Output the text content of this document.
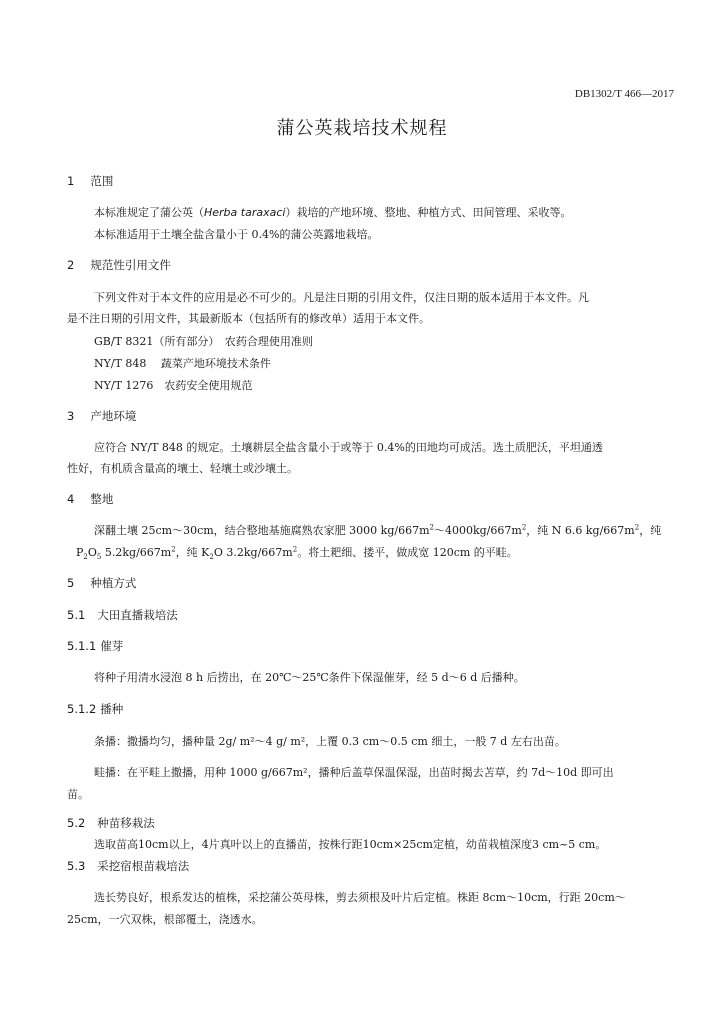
DB1302/T 466—2017
蒲公英栽培技术规程
1 范围
本标准规定了蒲公英（Herba taraxaci）栽培的产地环境、整地、种植方式、田间管理、采收等。
本标准适用于土壤全盐含量小于 0.4%的蒲公英露地栽培。
2 规范性引用文件
下列文件对于本文件的应用是必不可少的。凡是注日期的引用文件，仅注日期的版本适用于本文件。凡
是不注日期的引用文件，其最新版本（包括所有的修改单）适用于本文件。
GB/T 8321（所有部分）　农药合理使用准则
NY/T 848　 蔬菜产地环境技术条件
NY/T 1276　农药安全使用规范
3 产地环境
应符合 NY/T 848 的规定。土壤耕层全盐含量小于或等于 0.4%的田地均可成活。选土质肥沃，平坦通透
性好，有机质含量高的壤土、轻壤土或沙壤土。
4 整地
深翻土壤 25cm～30cm，结合整地基施腐熟农家肥 3000 $kg/667m^2\sim 4000kg/667m^2$，纯 N 6.6 $kg/667m^2$，纯
$P_2O_5$ $5.2kg/667m^2$，纯 $K_2O$ $3.2kg/667m^2$。将土耙细、搂平，做成宽 120cm 的平畦。
5 种植方式
5.1 大田直播栽培法
5.1.1 催芽
将种子用清水浸泡 8 h 后捞出，在 20℃～25℃条件下保湿催芽，经 5 d～6 d 后播种。
5.1.2 播种
条播：撒播均匀，播种量 2g/ m²～4 g/ m²，上覆 0.3 cm～0.5 cm 细土，一般 7 d 左右出苗。
畦播：在平畦上撒播，用种 1000 g/667m²，播种后盖草保温保湿，出苗时揭去苫草，约 7d～10d 即可出
苗。
5.2 种苗移栽法
选取苗高10cm以上，4片真叶以上的直播苗，按株行距10cm×25cm定植，幼苗栽植深度3 cm~5 cm。
5.3 采挖宿根苗栽培法
选长势良好，根系发达的植株，采挖蒲公英母株，剪去须根及叶片后定植。株距 8cm～10cm，行距 20cm～
25cm，一穴双株，根部覆土，浇透水。
